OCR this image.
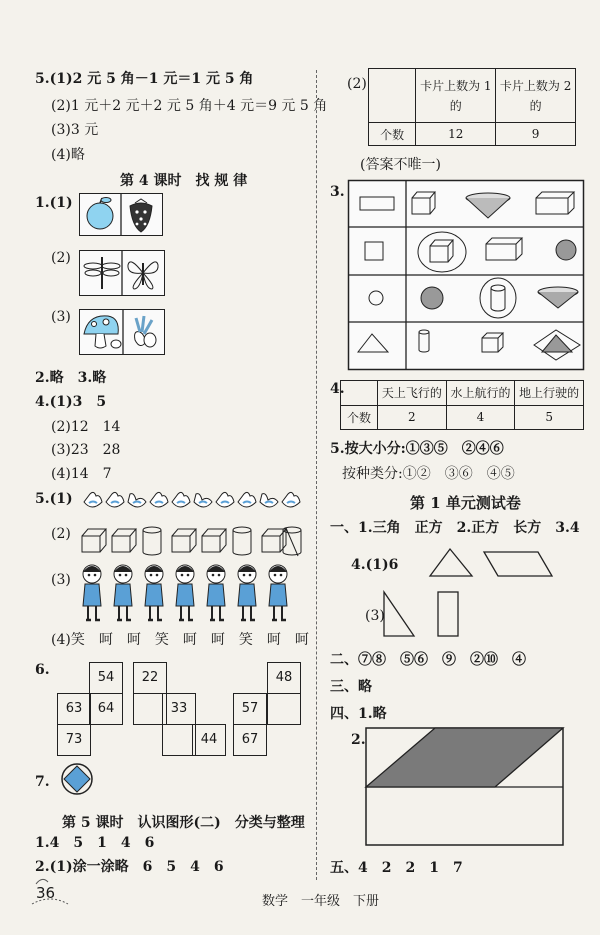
5.(1)2 元 5 角－1 元＝1 元 5 角
(2)1 元＋2 元＋2 元 5 角＋4 元＝9 元 5 角
(3)3 元
(4)略
第 4 课时　找 规 律
1.(1)
(2)
(3)
2.略　3.略
4.(1)3　5
(2)12　14
(3)23　28
(4)14　7
5.(1)
(2)
(3)
(4)笑　呵　呵　笑　呵　呵　笑　呵　呵
6.	54	22	48
63	64	33	57
73	44	67
7.
第 5 课时　认识图形(二)　分类与整理
1.4　5　1　4　6
2.(1)涂一涂略　6　5　4　6
36
(2)
		卡片上数为 1 的	卡片上数为 2 的
个数	12	9
(答案不唯一)
3.
4.
		天上飞行的	水上航行的	地上行驶的
个数	2	4	5
5.按大小分:①③⑤　②④⑥
按种类分:①②　③⑥　④⑤
第 1 单元测试卷
一、1.三角　正方　2.正方　长方　3.4
4.(1)6
(3)
二、⑦⑧　⑤⑥　⑨　②⑩　④
三、略
四、1.略
2.
五、4　2　2　1　7
数学　一年级　下册
